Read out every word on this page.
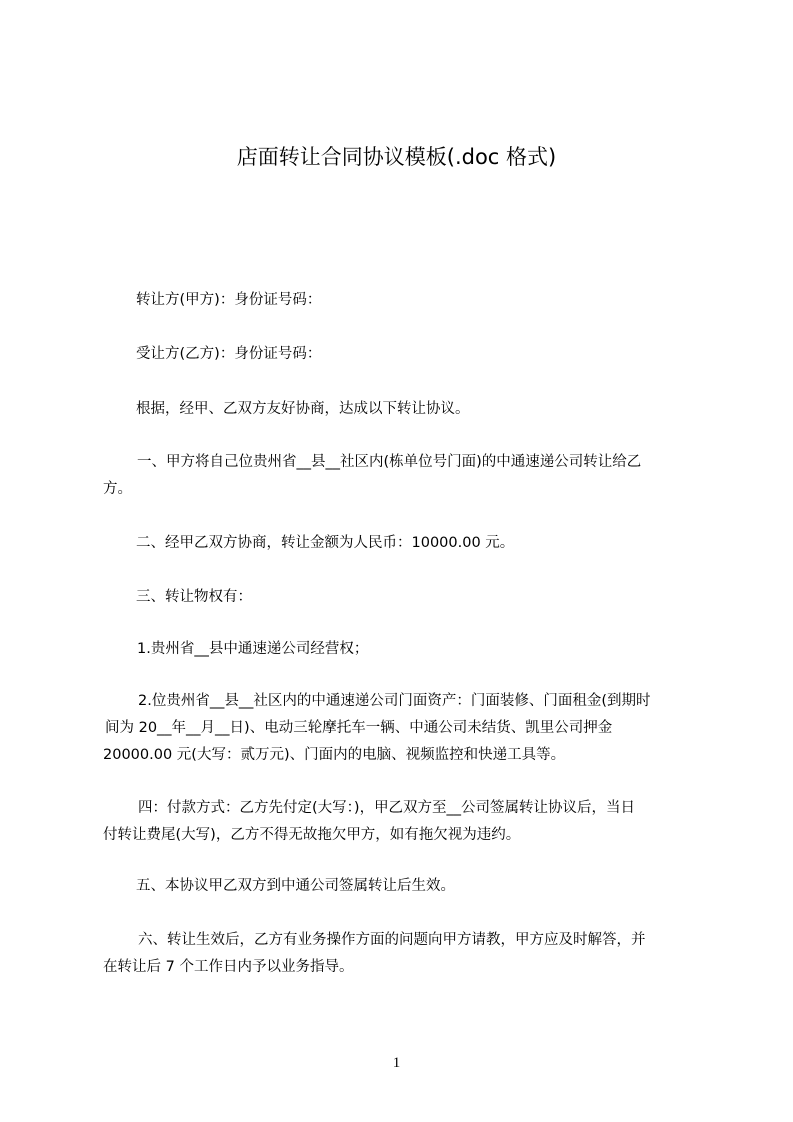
店面转让合同协议模板(.doc 格式)
转让方(甲方)：身份证号码：
受让方(乙方)：身份证号码：
根据，经甲、乙双方友好协商，达成以下转让协议。
一、甲方将自己位贵州省__县__社区内(栋单位号门面)的中通速递公司转让给乙
方。
二、经甲乙双方协商，转让金额为人民币：10000.00 元。
三、转让物权有：
1.贵州省__县中通速递公司经营权；
2.位贵州省__县__社区内的中通速递公司门面资产：门面装修、门面租金(到期时
间为 20__年__月__日)、电动三轮摩托车一辆、中通公司未结货、凯里公司押金
20000.00 元(大写：贰万元)、门面内的电脑、视频监控和快递工具等。
四：付款方式：乙方先付定(大写：)，甲乙双方至__公司签属转让协议后，当日
付转让费尾(大写)，乙方不得无故拖欠甲方，如有拖欠视为违约。
五、本协议甲乙双方到中通公司签属转让后生效。
六、转让生效后，乙方有业务操作方面的问题向甲方请教，甲方应及时解答，并
在转让后 7 个工作日内予以业务指导。
1
